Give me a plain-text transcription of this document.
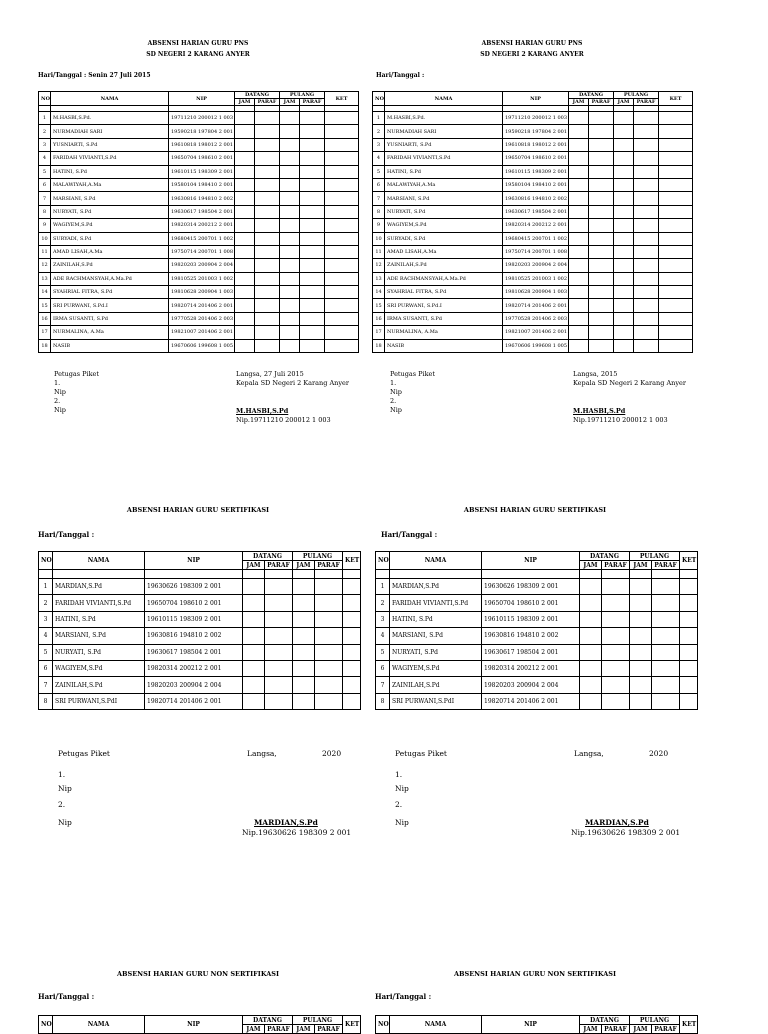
ABSENSI HARIAN GURU PNS
SD NEGERI 2 KARANG ANYER
Hari/Tanggal : Senin 27 Juli 2015
NO	NAMA	NIP	DATANG		PULANG		KET
			JAM	PARAF	JAM	PARAF	

1	M.HASBI,S.Pd.	19711210 200012 1 003					
2	NURMADIAH SARI	19590218 197804 2 001					
3	YUSNIARTI, S.Pd	19610818 198012 2 001					
4	FARIDAH VIVIANTI,S.Pd	19650704 198610 2 001					
5	HATINI, S.Pd	19610115 198309 2 001					
6	MALAWIYAH,A.Ma	19580104 198410 2 001					
7	MARSIANI, S.Pd	19630816 194810 2 002					
8	NURYATI, S.Pd	19630617 198504 2 001					
9	WAGIYEM,S.Pd	19820314 200212 2 001					
10	SURYADI, S.Pd	19680415 200701 1 002					
11	AMAD LISAH,A.Ma	19750714 200701 1 008					
12	ZAINILAH,S.Pd	19820203 200904 2 004					
13	ADE RACHMANSYAH,A.Ma.Pd	19810525 201003 1 002					
14	SYAHRIAL FITRA, S.Pd	19810628 200904 1 003					
15	SRI PURWANI, S.Pd.I	19820714 201406 2 001					
16	IRMA SUSANTI, S.Pd	19770528 201406 2 003					
17	NURMALINA, A.Ma	19821007 201406 2 001					
18	NASIB	19670606 199608 1 005					
Petugas Piket
1.
Nip
2.
Nip
Langsa, 27 Juli 2015
Kepala SD Negeri 2 Karang Anyer
M.HASBI,S.Pd
Nip.19711210 200012 1 003
ABSENSI HARIAN GURU PNS
SD NEGERI 2 KARANG ANYER
Hari/Tanggal :
NO	NAMA	NIP	DATANG		PULANG		KET
			JAM	PARAF	JAM	PARAF	

1	M.HASBI,S.Pd.	19711210 200012 1 003					
2	NURMADIAH SARI	19590218 197804 2 001					
3	YUSNIARTI, S.Pd	19610818 198012 2 001					
4	FARIDAH VIVIANTI,S.Pd	19650704 198610 2 001					
5	HATINI, S.Pd	19610115 198309 2 001					
6	MALAWIYAH,A.Ma	19580104 198410 2 001					
7	MARSIANI, S.Pd	19630816 194810 2 002					
8	NURYATI, S.Pd	19630617 198504 2 001					
9	WAGIYEM,S.Pd	19820314 200212 2 001					
10	SURYADI, S.Pd	19680415 200701 1 002					
11	AMAD LISAH,A.Ma	19750714 200701 1 008					
12	ZAINILAH,S.Pd	19820203 200904 2 004					
13	ADE RACHMANSYAH,A.Ma.Pd	19810525 201003 1 002					
14	SYAHRIAL FITRA, S.Pd	19810628 200904 1 003					
15	SRI PURWANI, S.Pd.I	19820714 201406 2 001					
16	IRMA SUSANTI, S.Pd	19770528 201406 2 003					
17	NURMALINA, A.Ma	19821007 201406 2 001					
18	NASIB	19670606 199608 1 005					
Petugas Piket
1.
Nip
2.
Nip
Langsa, 2015
Kepala SD Negeri 2 Karang Anyer
M.HASBI,S.Pd
Nip.19711210 200012 1 003
ABSENSI HARIAN GURU SERTIFIKASI
Hari/Tanggal :
NO	NAMA	NIP	DATANG		PULANG		KET
			JAM	PARAF	JAM	PARAF	

1	MARDIAN,S.Pd	19630626 198309 2 001					
2	FARIDAH VIVIANTI,S.Pd	19650704 198610 2 001					
3	HATINI, S.Pd	19610115 198309 2 001					
4	MARSIANI, S.Pd	19630816 194810 2 002					
5	NURYATI, S.Pd	19630617 198504 2 001					
6	WAGIYEM,S.Pd	19820314 200212 2 001					
7	ZAINILAH,S.Pd	19820203 200904 2 004					
8	SRI PURWANI,S.PdI	19820714 201406 2 001					
Petugas Piket	Langsa,	2020
1.
Nip
2.
Nip	MARDIAN,S.Pd
Nip.19630626 198309 2 001
ABSENSI HARIAN GURU SERTIFIKASI
Hari/Tanggal :
NO	NAMA	NIP	DATANG		PULANG		KET
			JAM	PARAF	JAM	PARAF	

1	MARDIAN,S.Pd	19630626 198309 2 001					
2	FARIDAH VIVIANTI,S.Pd	19650704 198610 2 001					
3	HATINI, S.Pd	19610115 198309 2 001					
4	MARSIANI, S.Pd	19630816 194810 2 002					
5	NURYATI, S.Pd	19630617 198504 2 001					
6	WAGIYEM,S.Pd	19820314 200212 2 001					
7	ZAINILAH,S.Pd	19820203 200904 2 004					
8	SRI PURWANI,S.PdI	19820714 201406 2 001					
Petugas Piket	Langsa,	2020
1.
Nip
2.
Nip	MARDIAN,S.Pd
Nip.19630626 198309 2 001
ABSENSI HARIAN GURU NON SERTIFIKASI
Hari/Tanggal :
NO	NAMA	NIP	DATANG		PULANG		KET
			JAM	PARAF	JAM	PARAF	
ABSENSI HARIAN GURU NON SERTIFIKASI
Hari/Tanggal :
NO	NAMA	NIP	DATANG		PULANG		KET
			JAM	PARAF	JAM	PARAF	
